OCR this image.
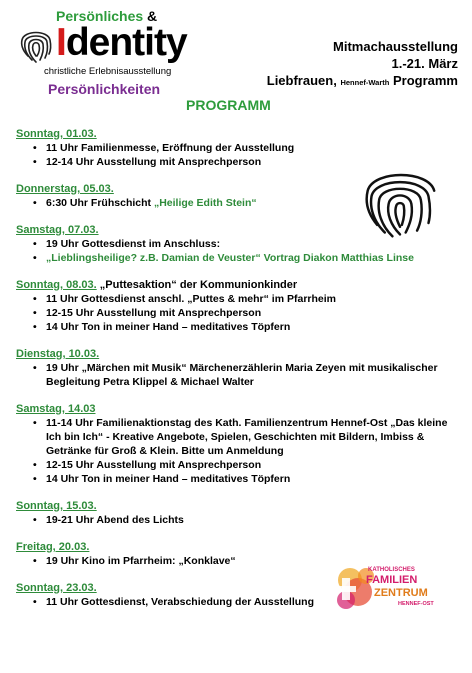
Persönliches &
Identity
christliche Erlebnisausstellung
Persönlichkeiten
Mitmachausstellung
1.-21. März
Liebfrauen, Hennef-Warth Programm
PROGRAMM
Sonntag, 01.03.
• 11 Uhr Familienmesse, Eröffnung der Ausstellung
• 12-14 Uhr Ausstellung mit Ansprechperson
Donnerstag, 05.03.
• 6:30 Uhr Frühschicht „Heilige Edith Stein“
Samstag, 07.03.
• 19 Uhr Gottesdienst im Anschluss:
• „Lieblingsheilige? z.B. Damian de Veuster“ Vortrag Diakon Matthias Linse
Sonntag, 08.03. „Puttesaktion“ der Kommunionkinder
• 11 Uhr Gottesdienst anschl. „Puttes & mehr“ im Pfarrheim
• 12-15 Uhr Ausstellung mit Ansprechperson
• 14 Uhr Ton in meiner Hand – meditatives Töpfern
Dienstag, 10.03.
• 19 Uhr „Märchen mit Musik“ Märchenerzählerin Maria Zeyen mit musikalischer Begleitung Petra Klippel & Michael Walter
Samstag, 14.03
• 11-14 Uhr Familienaktionstag des Kath. Familienzentrum Hennef-Ost „Das kleine Ich bin Ich“ - Kreative Angebote, Spielen, Geschichten mit Bildern, Imbiss & Getränke für Groß & Klein. Bitte um Anmeldung
• 12-15 Uhr Ausstellung mit Ansprechperson
• 14 Uhr Ton in meiner Hand – meditatives Töpfern
Sonntag, 15.03.
• 19-21 Uhr Abend des Lichts
Freitag, 20.03.
• 19 Uhr Kino im Pfarrheim: „Konklave“
Sonntag, 23.03.
• 11 Uhr Gottesdienst, Verabschiedung der Ausstellung
KATHOLISCHES
FAMILIEN
ZENTRUM
HENNEF-OST
